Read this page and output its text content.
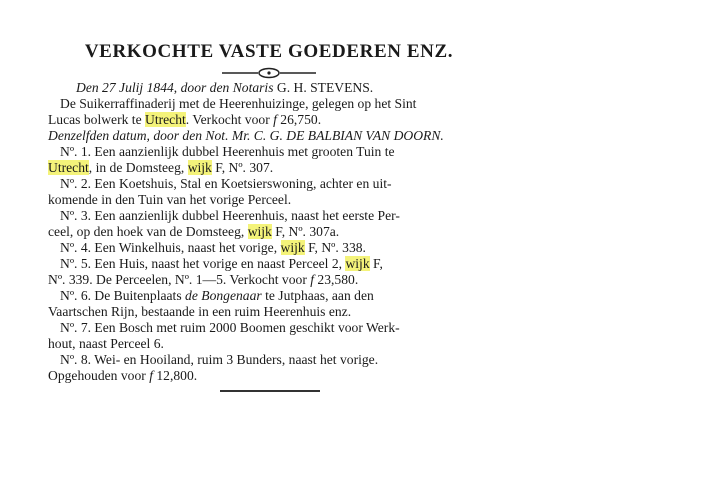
VERKOCHTE VASTE GOEDEREN ENZ.
Den 27 Julij 1844, door den Notaris G. H. STEVENS.
De Suikerraffinaderij met de Heerenhuizinge, gelegen op het Sint
Lucas bolwerk te Utrecht. Verkocht voor f 26,750.
Denzelfden datum, door den Not. Mr. C. G. DE BALBIAN VAN DOORN.
Nº. 1. Een aanzienlijk dubbel Heerenhuis met grooten Tuin te
Utrecht, in de Domsteeg, wijk F, Nº. 307.
Nº. 2. Een Koetshuis, Stal en Koetsierswoning, achter en uit-
komende in den Tuin van het vorige Perceel.
Nº. 3. Een aanzienlijk dubbel Heerenhuis, naast het eerste Per-
ceel, op den hoek van de Domsteeg, wijk F, Nº. 307a.
Nº. 4. Een Winkelhuis, naast het vorige, wijk F, Nº. 338.
Nº. 5. Een Huis, naast het vorige en naast Perceel 2, wijk F,
Nº. 339. De Perceelen, Nº. 1—5. Verkocht voor f 23,580.
Nº. 6. De Buitenplaats de Bongenaar te Jutphaas, aan den
Vaartschen Rijn, bestaande in een ruim Heerenhuis enz.
Nº. 7. Een Bosch met ruim 2000 Boomen geschikt voor Werk-
hout, naast Perceel 6.
Nº. 8. Wei- en Hooiland, ruim 3 Bunders, naast het vorige.
Opgehouden voor f 12,800.
